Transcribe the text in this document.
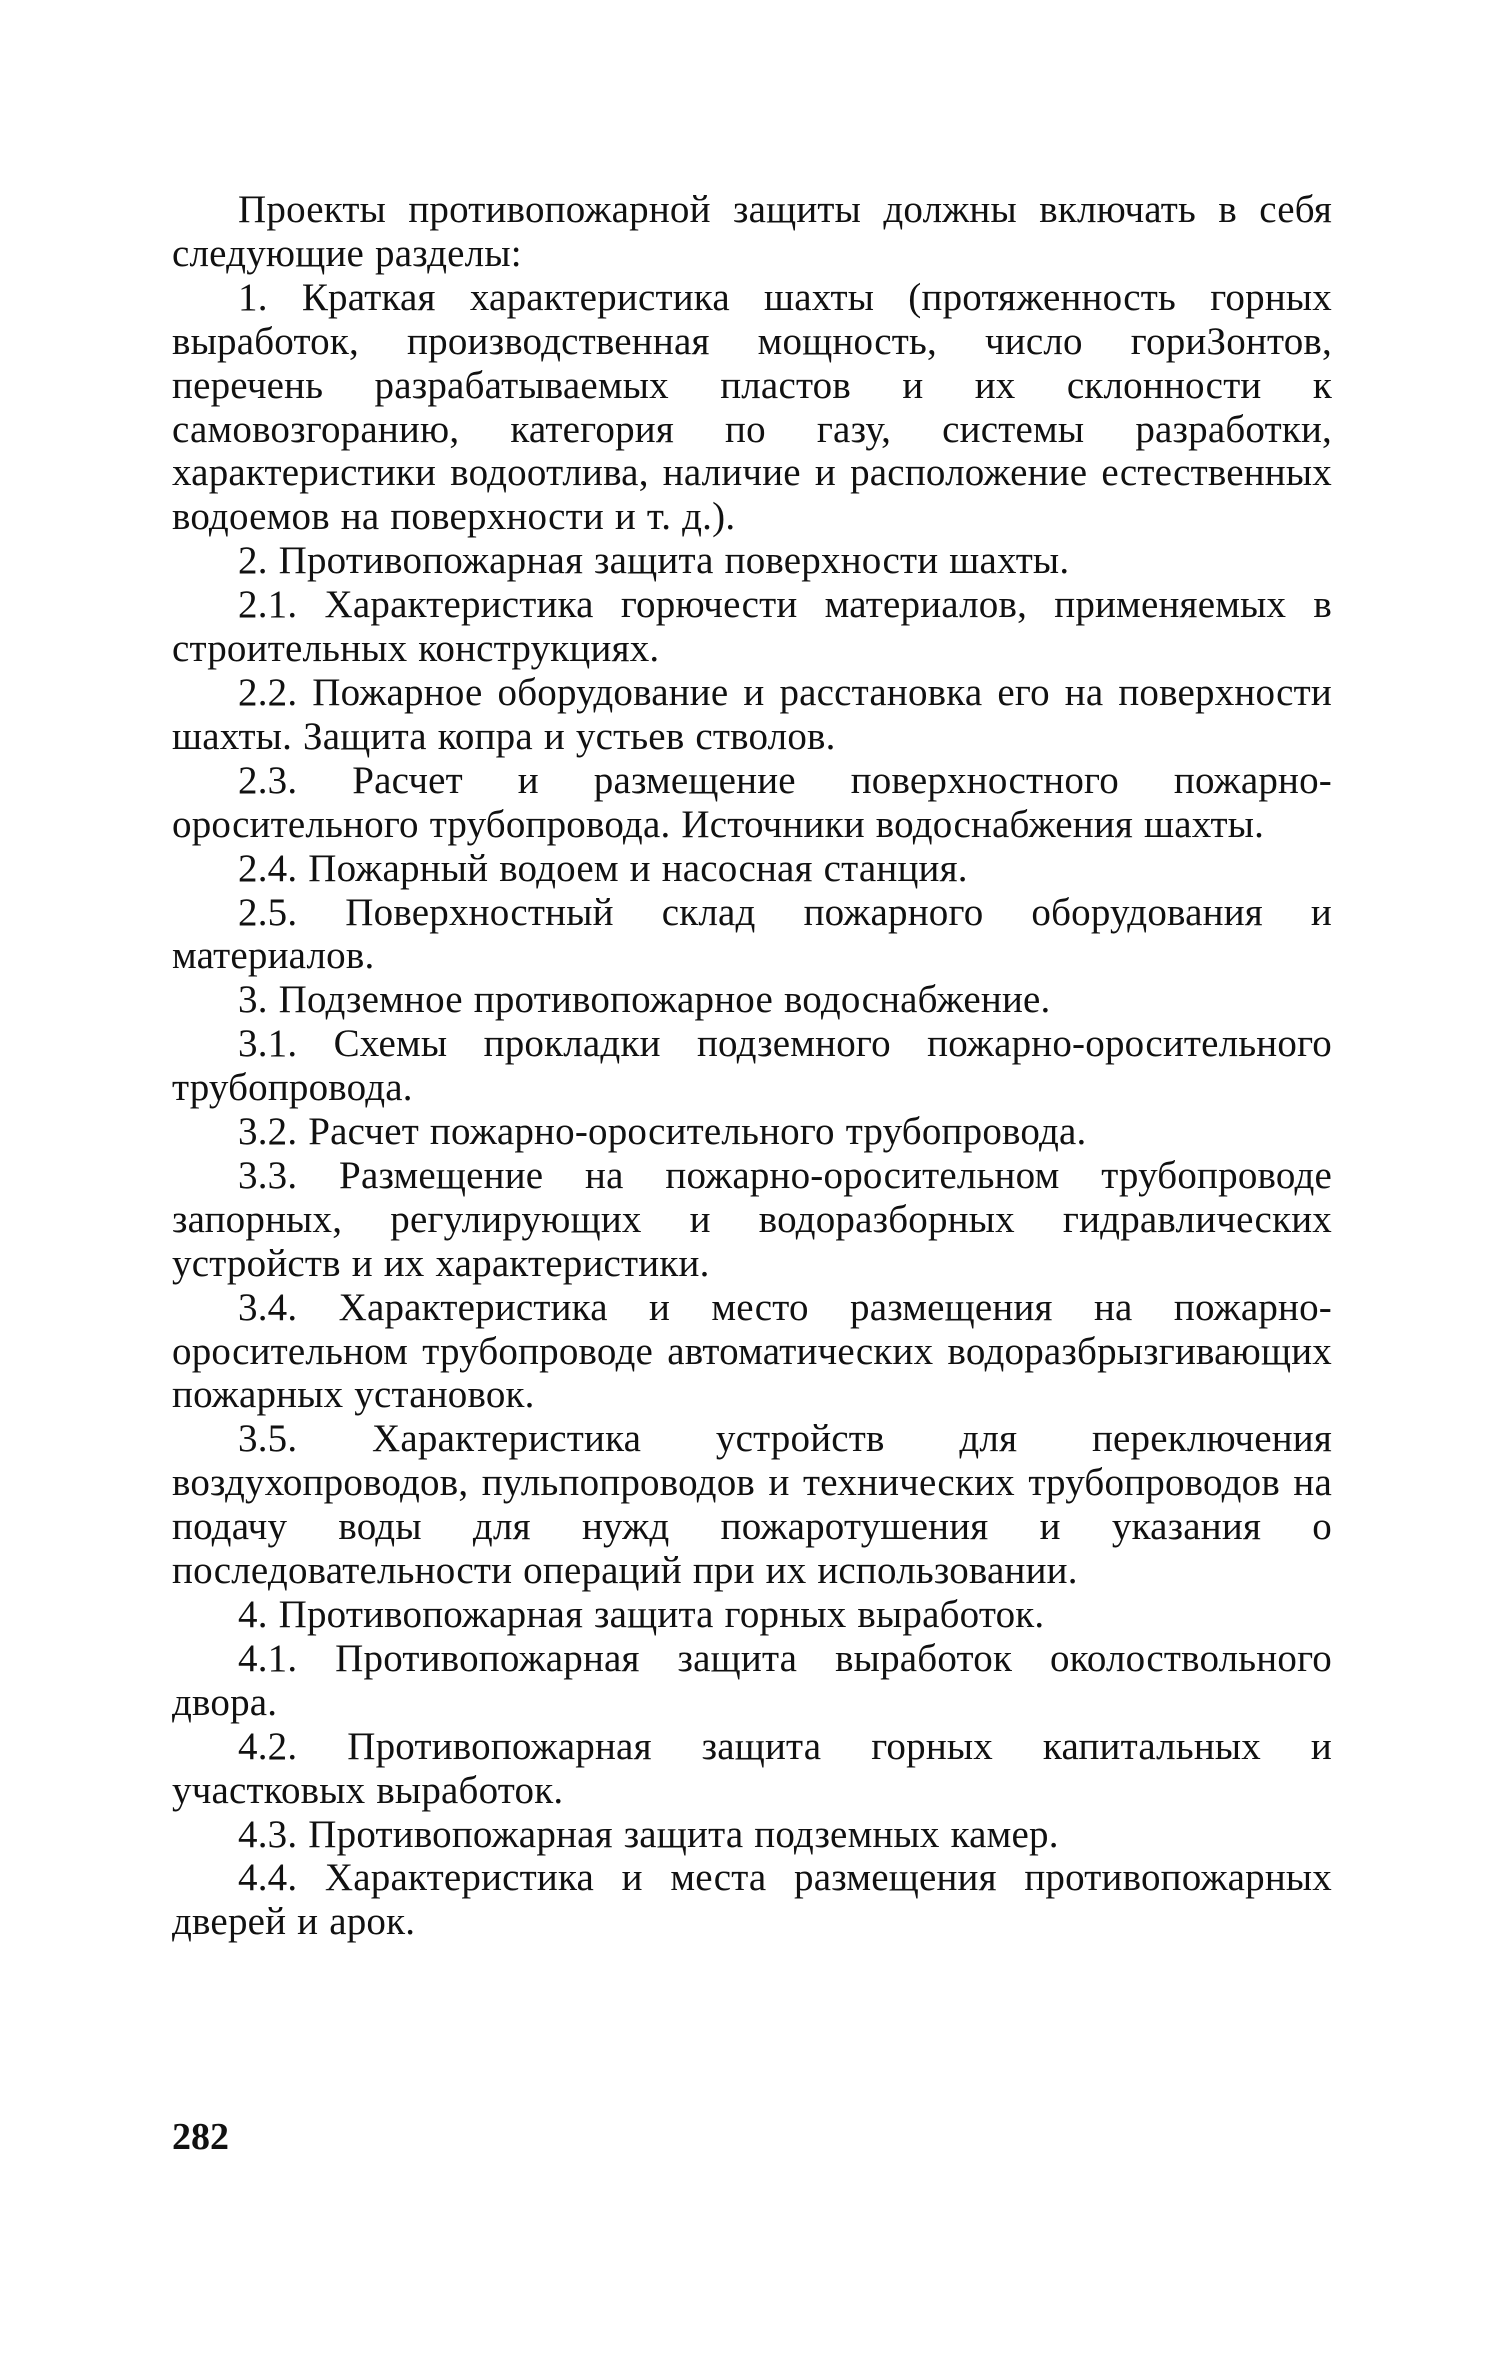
Проекты противопожарной защиты должны включать в себя следующие разделы:

1. Краткая характеристика шахты (протяженность горных выработок, производственная мощность, число гориЗонтов, перечень разрабатываемых пластов и их склонности к самовозгоранию, категория по газу, системы разработки, характеристики водоотлива, наличие и расположение естественных водоемов на поверхности и т. д.).

2. Противопожарная защита поверхности шахты.

2.1. Характеристика горючести материалов, применяемых в строительных конструкциях.

2.2. Пожарное оборудование и расстановка его на поверхности шахты. Защита копра и устьев стволов.

2.3. Расчет и размещение поверхностного пожарно-оросительного трубопровода. Источники водоснабжения шахты.

2.4. Пожарный водоем и насосная станция.

2.5. Поверхностный склад пожарного оборудования и материалов.

3. Подземное противопожарное водоснабжение.

3.1. Схемы прокладки подземного пожарно-оросительного трубопровода.

3.2. Расчет пожарно-оросительного трубопровода.

3.3. Размещение на пожарно-оросительном трубопроводе запорных, регулирующих и водоразборных гидравлических устройств и их характеристики.

3.4. Характеристика и место размещения на пожарно-оросительном трубопроводе автоматических водоразбрызгивающих пожарных установок.

3.5. Характеристика устройств для переключения воздухопроводов, пульпопроводов и технических трубопроводов на подачу воды для нужд пожаротушения и указания о последовательности операций при их использовании.

4. Противопожарная защита горных выработок.

4.1. Противопожарная защита выработок околоствольного двора.

4.2. Противопожарная защита горных капитальных и участковых выработок.

4.3. Противопожарная защита подземных камер.

4.4. Характеристика и места размещения противопожарных дверей и арок.

282
